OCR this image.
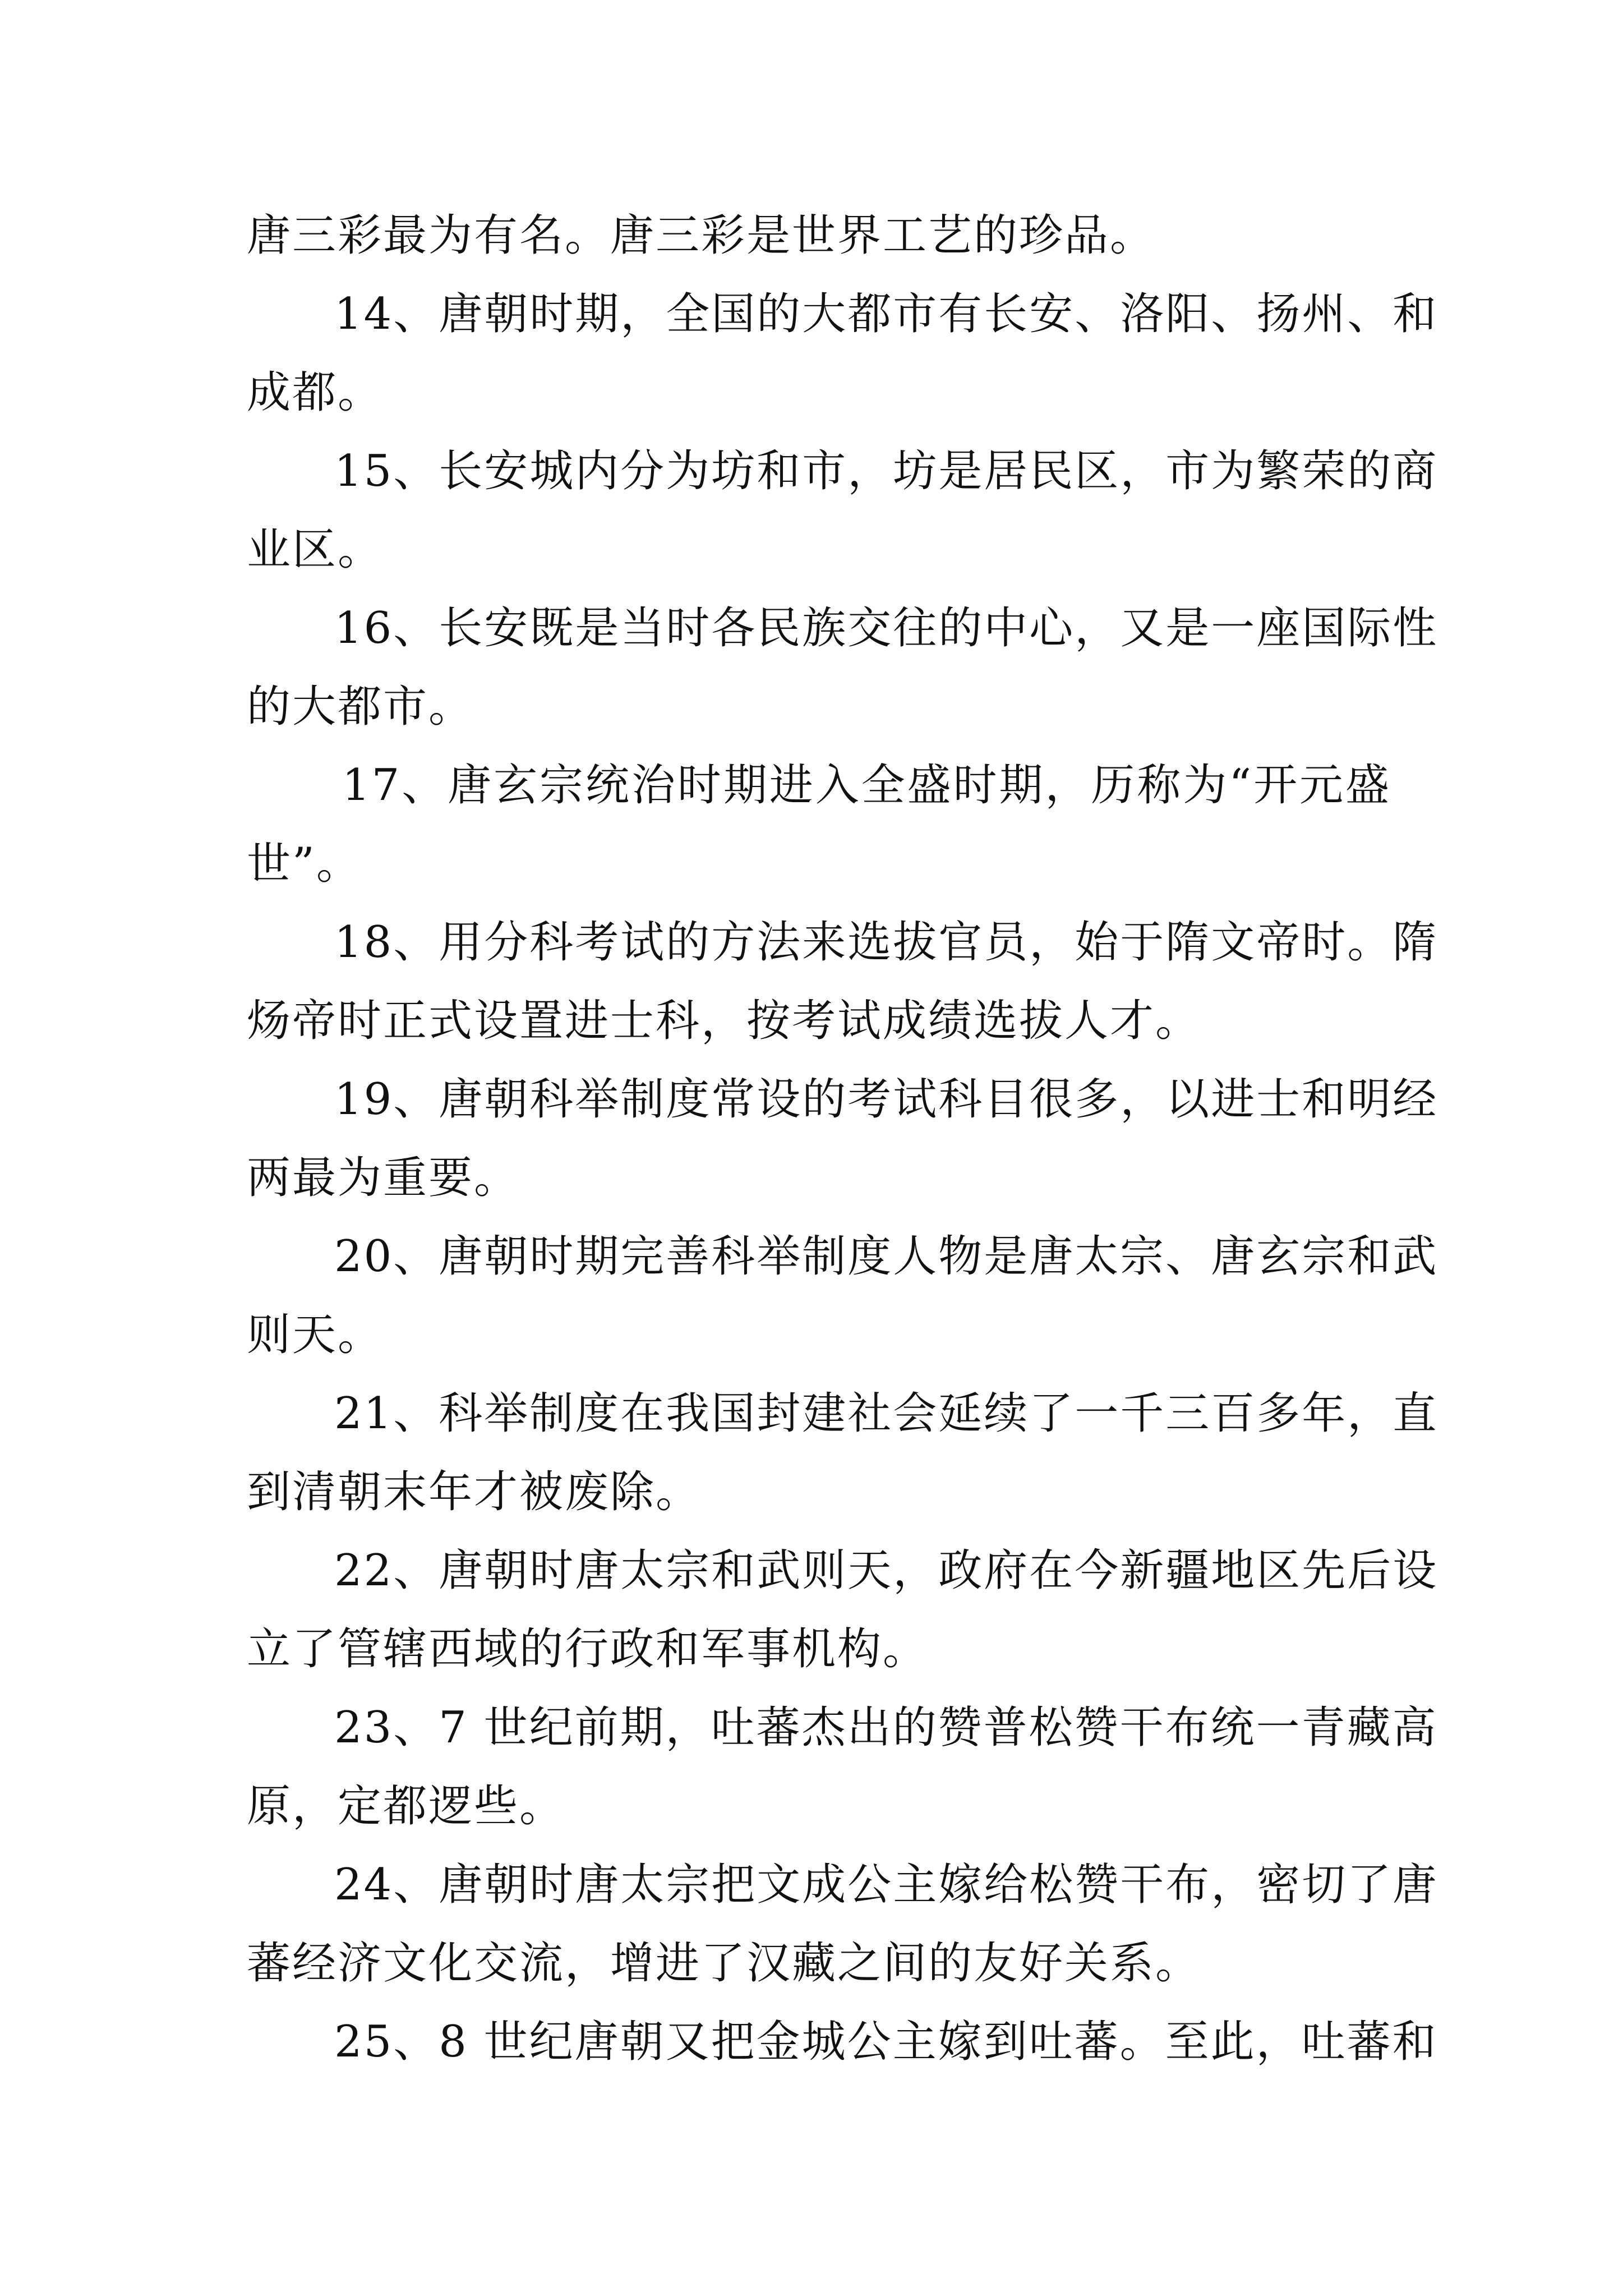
唐三彩最为有名。唐三彩是世界工艺的珍品。
14、唐朝时期，全国的大都市有长安、洛阳、扬州、和
成都。
15、长安城内分为坊和市，坊是居民区，市为繁荣的商
业区。
16、长安既是当时各民族交往的中心，又是一座国际性
的大都市。
17、唐玄宗统治时期进入全盛时期，历称为“开元盛
世”。
18、用分科考试的方法来选拔官员，始于隋文帝时。隋
炀帝时正式设置进士科，按考试成绩选拔人才。
19、唐朝科举制度常设的考试科目很多，以进士和明经
两最为重要。
20、唐朝时期完善科举制度人物是唐太宗、唐玄宗和武
则天。
21、科举制度在我国封建社会延续了一千三百多年，直
到清朝末年才被废除。
22、唐朝时唐太宗和武则天，政府在今新疆地区先后设
立了管辖西域的行政和军事机构。
23、7 世纪前期，吐蕃杰出的赞普松赞干布统一青藏高
原，定都逻些。
24、唐朝时唐太宗把文成公主嫁给松赞干布，密切了唐
蕃经济文化交流，增进了汉藏之间的友好关系。
25、8 世纪唐朝又把金城公主嫁到吐蕃。至此，吐蕃和
